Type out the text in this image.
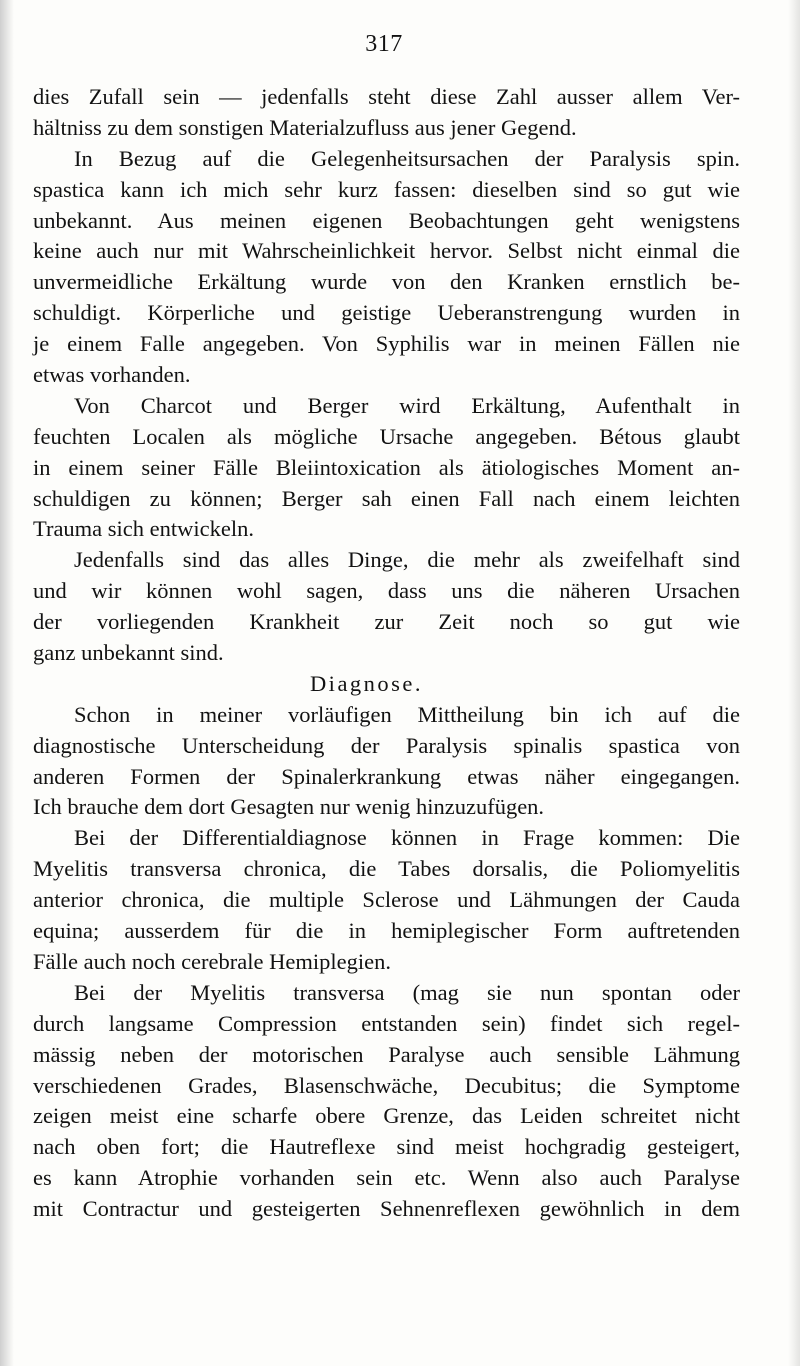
317
dies Zufall sein — jedenfalls steht diese Zahl ausser allem Ver-
hältniss zu dem sonstigen Materialzufluss aus jener Gegend.
In Bezug auf die Gelegenheitsursachen der Paralysis spin.
spastica kann ich mich sehr kurz fassen: dieselben sind so gut wie
unbekannt. Aus meinen eigenen Beobachtungen geht wenigstens
keine auch nur mit Wahrscheinlichkeit hervor. Selbst nicht einmal die
unvermeidliche Erkältung wurde von den Kranken ernstlich be-
schuldigt. Körperliche und geistige Ueberanstrengung wurden in
je einem Falle angegeben. Von Syphilis war in meinen Fällen nie
etwas vorhanden.
Von Charcot und Berger wird Erkältung, Aufenthalt in
feuchten Localen als mögliche Ursache angegeben. Bétous glaubt
in einem seiner Fälle Bleiintoxication als ätiologisches Moment an-
schuldigen zu können; Berger sah einen Fall nach einem leichten
Trauma sich entwickeln.
Jedenfalls sind das alles Dinge, die mehr als zweifelhaft sind
und wir können wohl sagen, dass uns die näheren Ursachen
der vorliegenden Krankheit zur Zeit noch so gut wie
ganz unbekannt sind.
Diagnose.
Schon in meiner vorläufigen Mittheilung bin ich auf die
diagnostische Unterscheidung der Paralysis spinalis spastica von
anderen Formen der Spinalerkrankung etwas näher eingegangen.
Ich brauche dem dort Gesagten nur wenig hinzuzufügen.
Bei der Differentialdiagnose können in Frage kommen: Die
Myelitis transversa chronica, die Tabes dorsalis, die Poliomyelitis
anterior chronica, die multiple Sclerose und Lähmungen der Cauda
equina; ausserdem für die in hemiplegischer Form auftretenden
Fälle auch noch cerebrale Hemiplegien.
Bei der Myelitis transversa (mag sie nun spontan oder
durch langsame Compression entstanden sein) findet sich regel-
mässig neben der motorischen Paralyse auch sensible Lähmung
verschiedenen Grades, Blasenschwäche, Decubitus; die Symptome
zeigen meist eine scharfe obere Grenze, das Leiden schreitet nicht
nach oben fort; die Hautreflexe sind meist hochgradig gesteigert,
es kann Atrophie vorhanden sein etc. Wenn also auch Paralyse
mit Contractur und gesteigerten Sehnenreflexen gewöhnlich in dem
